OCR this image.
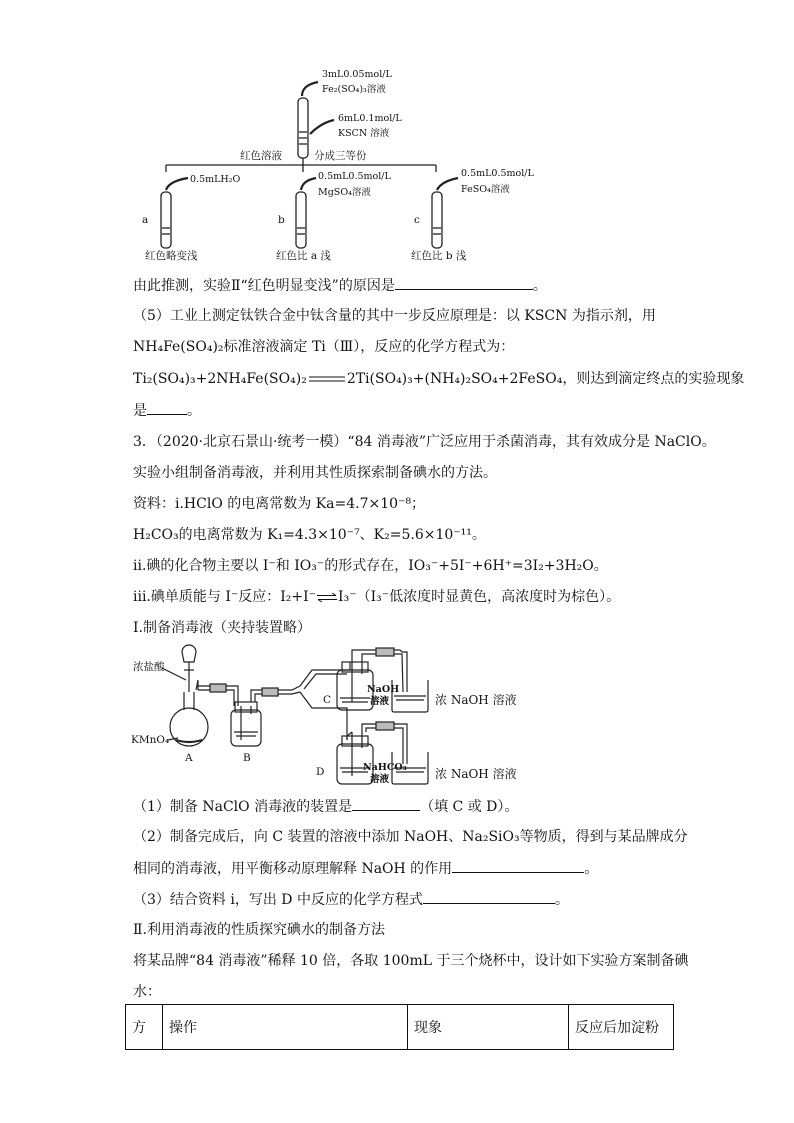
3mL0.05mol/L
Fe₂(SO₄)₃溶液
6mL0.1mol/L
KSCN 溶液
红色溶液	分成三等份
0.5mLH₂O	0.5mL0.5mol/L
MgSO₄溶液
0.5mL0.5mol/L
FeSO₄溶液
a	b	c
红色略变浅	红色比 a 浅	红色比 b 浅
由此推测，实验Ⅱ“红色明显变浅”的原因是	。
（5）工业上测定钛铁合金中钛含量的其中一步反应原理是：以 KSCN 为指示剂，用
NH₄Fe(SO₄)₂标准溶液滴定 Ti（Ⅲ），反应的化学方程式为：
Ti₂(SO₄)₃+2NH₄Fe(SO₄)₂	2Ti(SO₄)₃+(NH₄)₂SO₄+2FeSO₄，则达到滴定终点的实验现象
是	。
3．（2020·北京石景山·统考一模）“84 消毒液”广泛应用于杀菌消毒，其有效成分是 NaClO。
实验小组制备消毒液，并利用其性质探索制备碘水的方法。
资料：i.HClO 的电离常数为 Ka=4.7×10⁻⁸；
H₂CO₃的电离常数为 K₁=4.3×10⁻⁷、K₂=5.6×10⁻¹¹。
ii.碘的化合物主要以 I⁻和 IO₃⁻的形式存在，IO₃⁻+5I⁻+6H⁺=3I₂+3H₂O。
iii.碘单质能与 I⁻反应：I₂+I⁻⇌I₃⁻（I₃⁻低浓度时显黄色，高浓度时为棕色）。
Ⅰ.制备消毒液（夹持装置略）
浓盐酸
KMnO₄
A	B
C
D
NaOH
溶液
NaHCO₃
溶液
浓 NaOH 溶液
浓 NaOH 溶液
（1）制备 NaClO 消毒液的装置是	（填 C 或 D）。
（2）制备完成后，向 C 装置的溶液中添加 NaOH、Na₂SiO₃等物质，得到与某品牌成分
相同的消毒液，用平衡移动原理解释 NaOH 的作用	。
（3）结合资料 i，写出 D 中反应的化学方程式	。
Ⅱ.利用消毒液的性质探究碘水的制备方法
将某品牌“84 消毒液”稀释 10 倍，各取 100mL 于三个烧杯中，设计如下实验方案制备碘
水：
方	操作	现象	反应后加淀粉
